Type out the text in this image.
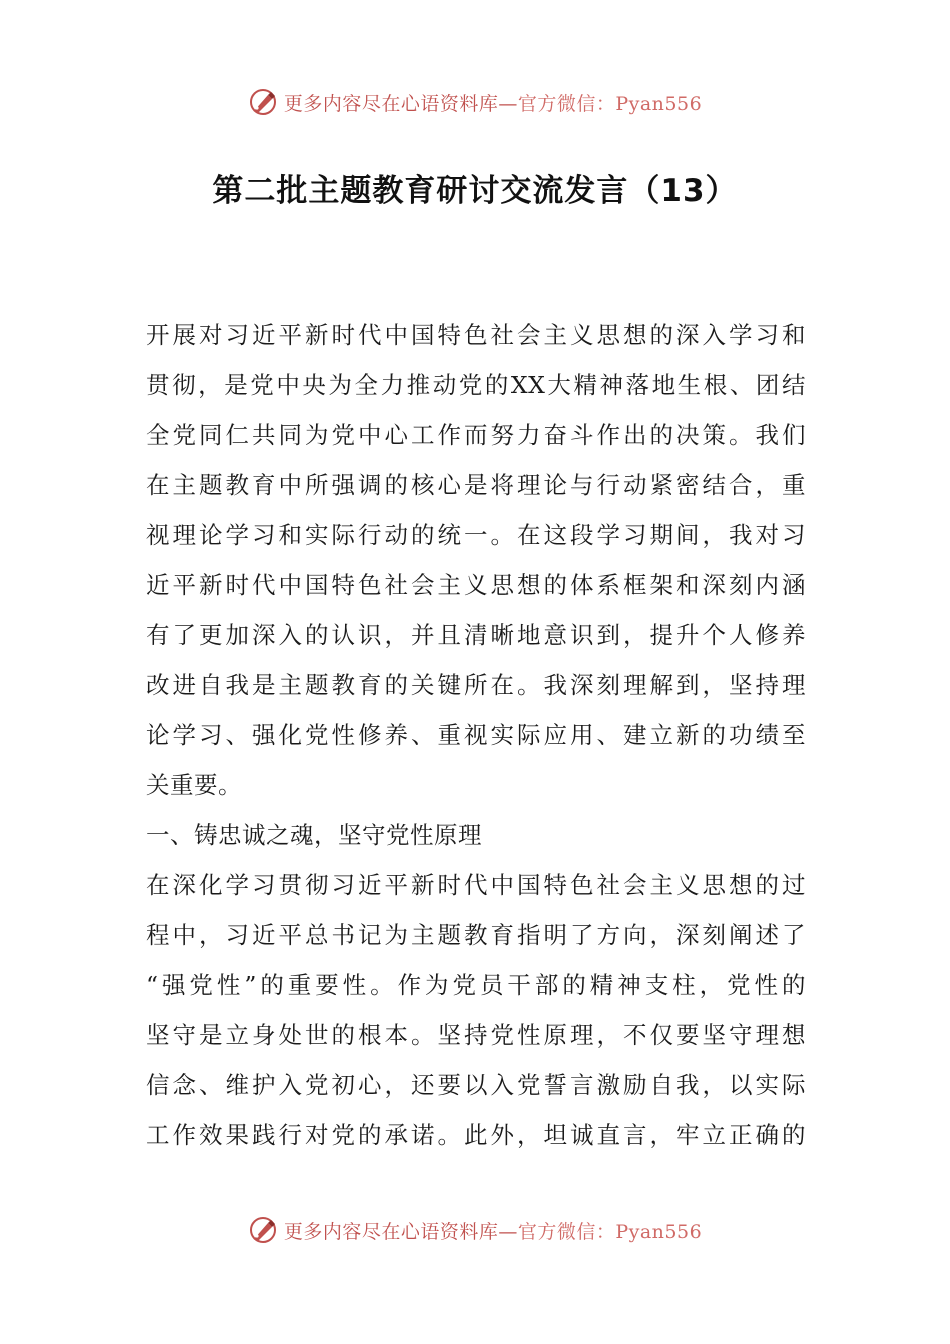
更多内容尽在心语资料库—官方微信：Pyan556
第二批主题教育研讨交流发言（13）
开展对习近平新时代中国特色社会主义思想的深入学习和
贯彻，是党中央为全力推动党的XX大精神落地生根、团结
全党同仁共同为党中心工作而努力奋斗作出的决策。我们
在主题教育中所强调的核心是将理论与行动紧密结合，重
视理论学习和实际行动的统一。在这段学习期间，我对习
近平新时代中国特色社会主义思想的体系框架和深刻内涵
有了更加深入的认识，并且清晰地意识到，提升个人修养
改进自我是主题教育的关键所在。我深刻理解到，坚持理
论学习、强化党性修养、重视实际应用、建立新的功绩至
关重要。
一、铸忠诚之魂，坚守党性原理
在深化学习贯彻习近平新时代中国特色社会主义思想的过
程中，习近平总书记为主题教育指明了方向，深刻阐述了
“强党性”的重要性。作为党员干部的精神支柱，党性的
坚守是立身处世的根本。坚持党性原理，不仅要坚守理想
信念、维护入党初心，还要以入党誓言激励自我，以实际
工作效果践行对党的承诺。此外，坦诚直言，牢立正确的
更多内容尽在心语资料库—官方微信：Pyan556
